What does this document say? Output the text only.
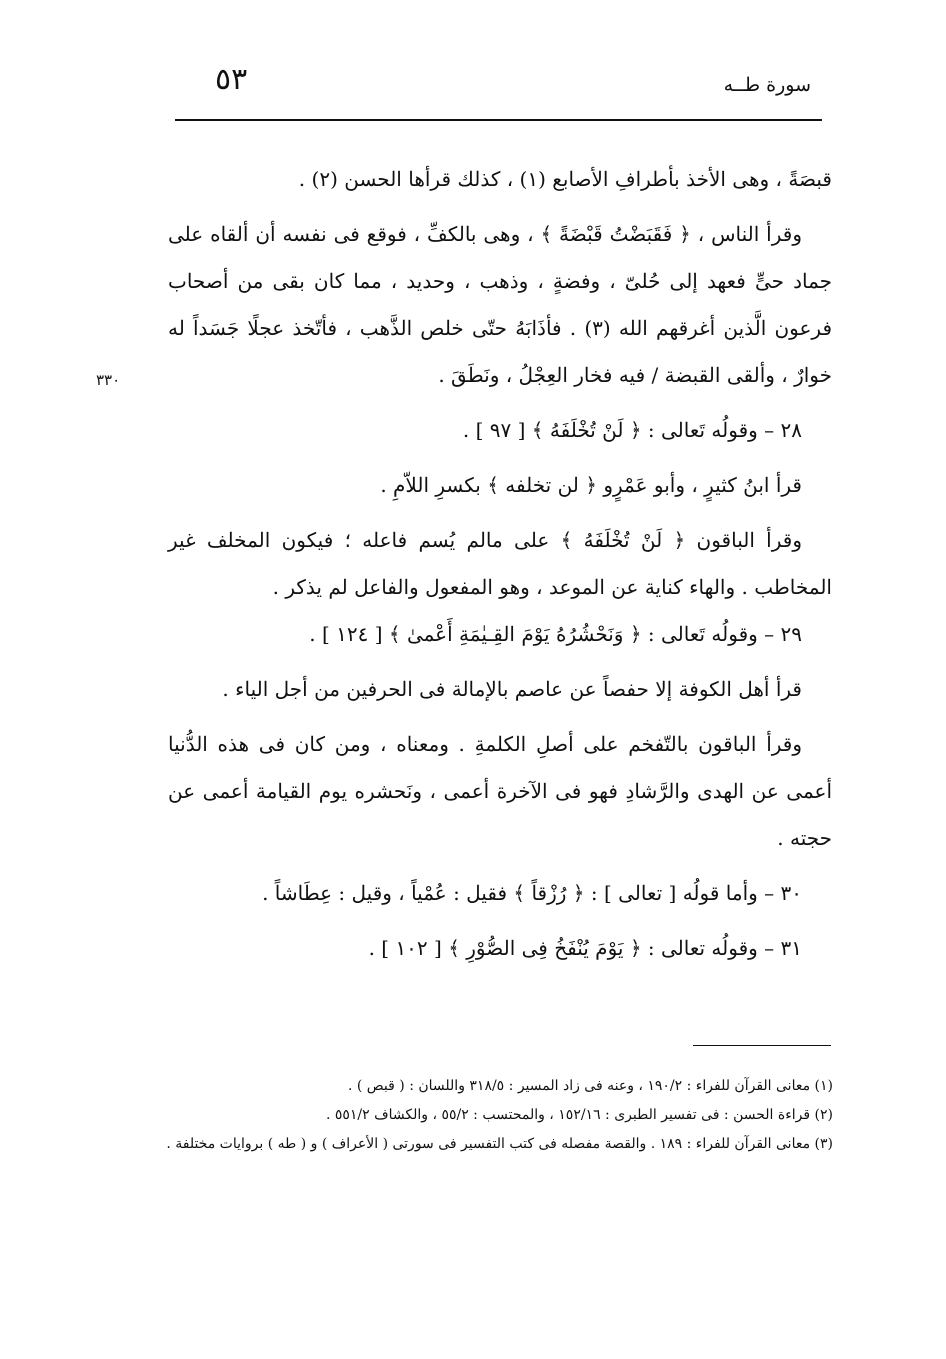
٥٣	سورة طــه
٣٣٠

قبصَةً ، وهى الأخذ بأطرافِ الأصابع (١) ، كذلك قرأها الحسن (٢) .

وقرأ الناس ، ﴿ فَقَبَضْتُ قَبْضَةً ﴾ ، وهى بالكفِّ ، فوقع فى نفسه أن ألقاه على جماد حىٍّ فعهد إلى حُلىّ ، وفضةٍ ، وذهب ، وحديد ، مما كان بقى من أصحاب فرعون الَّذين أغرقهم الله (٣) . فأذَابَهُ حتّى خلص الذَّهب ، فأتّخذ عجلًا جَسَداً له خوارٌ ، وألقى القبضة / فيه فخار العِجْلُ ، ونَطَقَ .

٢٨ – وقولُه تَعالى : ﴿ لَنْ تُخْلَفَهُ ﴾ [ ٩٧ ] .

قرأ ابنُ كثيرٍ ، وأبو عَمْرٍو ﴿ لن تخلفه ﴾ بكسرِ اللاّمِ .

وقرأ الباقون ﴿ لَنْ تُخْلَفَهُ ﴾ على مالم يُسم فاعله ؛ فيكون المخلف غير المخاطب . والهاء كناية عن الموعد ، وهو المفعول والفاعل لم يذكر .

٢٩ – وقولُه تَعالى : ﴿ وَنَحْشُرُهُ يَوْمَ القِـيٰمَةِ أَعْمىٰ ﴾ [ ١٢٤ ] .

قرأ أهل الكوفة إلا حفصاً عن عاصم بالإمالة فى الحرفين من أجل الياء .

وقرأ الباقون بالتّفخم على أصلِ الكلمةِ . ومعناه ، ومن كان فى هذه الدُّنيا أعمى عن الهدى والرَّشادِ فهو فى الآخرة أعمى ، ونَحشره يوم القيامة أعمى عن حجته .

٣٠ – وأما قولُه [ تعالى ] : ﴿ رُزْقاً ﴾ فقيل : عُمْياً ، وقيل : عِطَاشاً .

٣١ – وقولُه تعالى : ﴿ يَوْمَ يُنْفَخُ فِى الصُّوْرِ ﴾ [ ١٠٢ ] .

(١) معانى القرآن للفراء : ١٩٠/٢ ، وعنه فى زاد المسير : ٣١٨/٥ واللسان : ( قبص ) .

(٢) قراءة الحسن : فى تفسير الطبرى : ١٥٢/١٦ ، والمحتسب : ٥٥/٢ ، والكشاف ٥٥١/٢ .

(٣) معانى القرآن للفراء : ١٨٩ . والقصة مفصله فى كتب التفسير فى سورتى ( الأعراف ) و ( طه ) بروايات مختلفة .
